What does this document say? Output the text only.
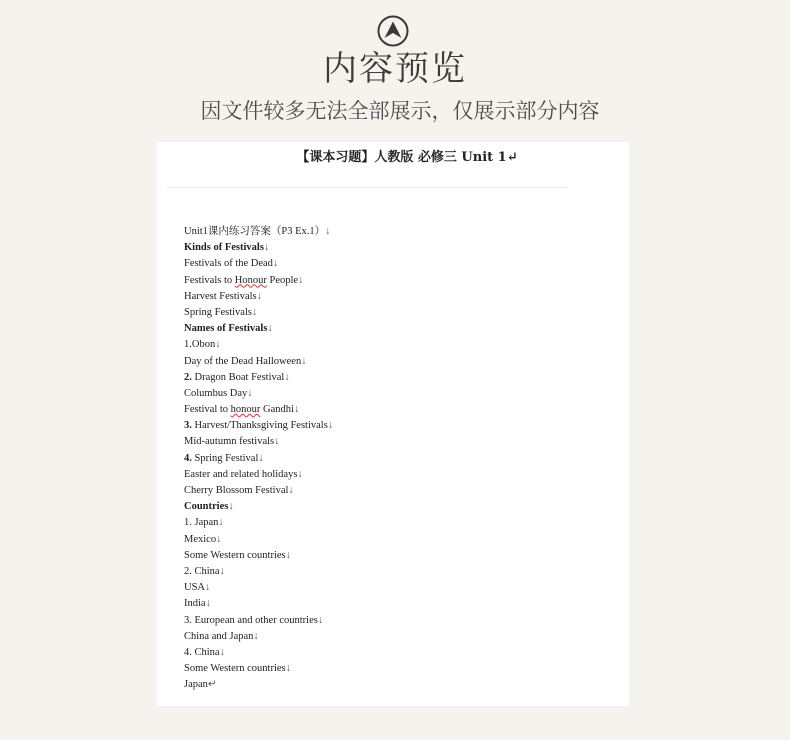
内容预览
因文件较多无法全部展示，仅展示部分内容
【课本习题】人教版 必修三 Unit 1↵
Unit1课内练习答案（P3 Ex.1）↓
Kinds of Festivals↓
Festivals of the Dead↓
Festivals to Honour People↓
Harvest Festivals↓
Spring Festivals↓
Names of Festivals↓
1.Obon↓
Day of the Dead Halloween↓
2. Dragon Boat Festival↓
Columbus Day↓
Festival to honour Gandhi↓
3. Harvest/Thanksgiving Festivals↓
Mid-autumn festivals↓
4. Spring Festival↓
Easter and related holidays↓
Cherry Blossom Festival↓
Countries↓
1. Japan↓
Mexico↓
Some Western countries↓
2. China↓
USA↓
India↓
3. European and other countries↓
China and Japan↓
4. China↓
Some Western countries↓
Japan↵
